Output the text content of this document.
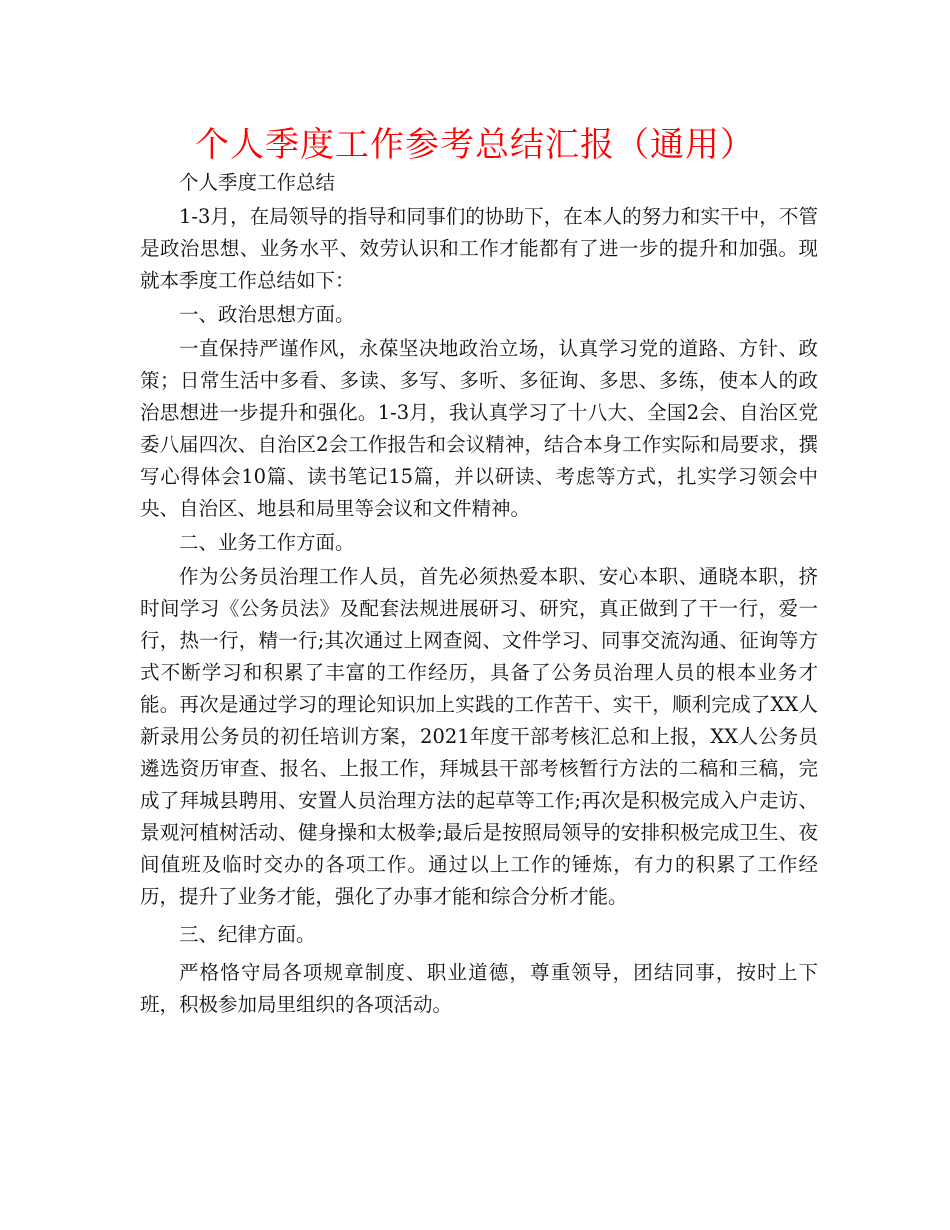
个人季度工作参考总结汇报（通用）

个人季度工作总结

1-3月，在局领导的指导和同事们的协助下，在本人的努力和实干中，不管是政治思想、业务水平、效劳认识和工作才能都有了进一步的提升和加强。现就本季度工作总结如下：

一、政治思想方面。

一直保持严谨作风，永葆坚决地政治立场，认真学习党的道路、方针、政策；日常生活中多看、多读、多写、多听、多征询、多思、多练，使本人的政治思想进一步提升和强化。1-3月，我认真学习了十八大、全国2会、自治区党委八届四次、自治区2会工作报告和会议精神，结合本身工作实际和局要求，撰写心得体会10篇、读书笔记15篇，并以研读、考虑等方式，扎实学习领会中央、自治区、地县和局里等会议和文件精神。

二、业务工作方面。

作为公务员治理工作人员，首先必须热爱本职、安心本职、通晓本职，挤时间学习《公务员法》及配套法规进展研习、研究，真正做到了干一行，爱一行，热一行，精一行;其次通过上网查阅、文件学习、同事交流沟通、征询等方式不断学习和积累了丰富的工作经历，具备了公务员治理人员的根本业务才能。再次是通过学习的理论知识加上实践的工作苦干、实干，顺利完成了XX人新录用公务员的初任培训方案，2021年度干部考核汇总和上报，XX人公务员遴选资历审查、报名、上报工作，拜城县干部考核暂行方法的二稿和三稿，完成了拜城县聘用、安置人员治理方法的起草等工作;再次是积极完成入户走访、景观河植树活动、健身操和太极拳;最后是按照局领导的安排积极完成卫生、夜间值班及临时交办的各项工作。通过以上工作的锤炼，有力的积累了工作经历，提升了业务才能，强化了办事才能和综合分析才能。

三、纪律方面。

严格恪守局各项规章制度、职业道德，尊重领导，团结同事，按时上下班，积极参加局里组织的各项活动。
